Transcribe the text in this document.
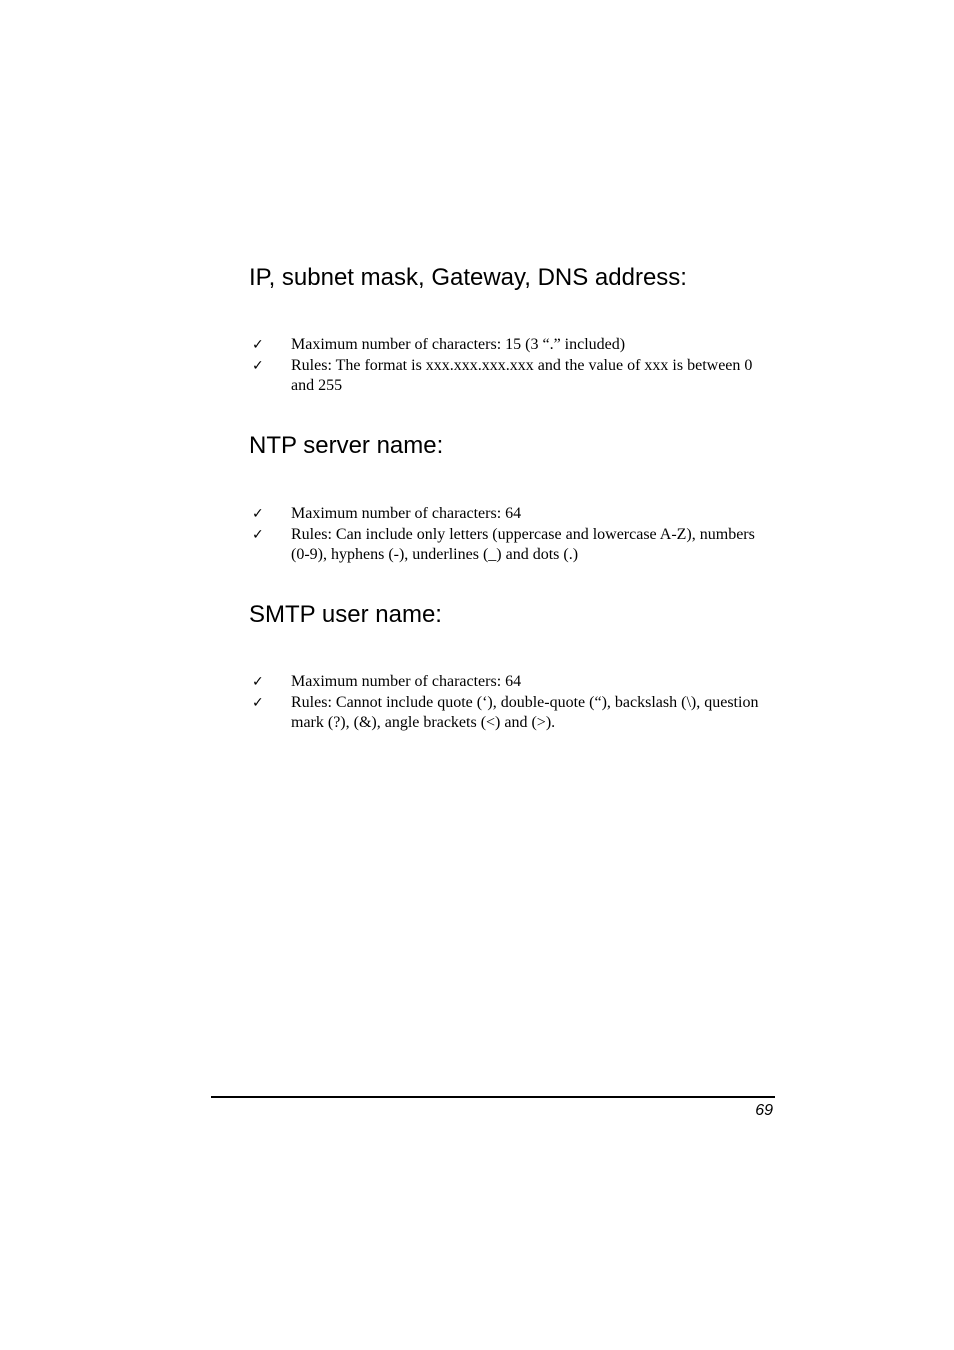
IP, subnet mask, Gateway, DNS address:
✓ Maximum number of characters: 15 (3 “.” included)
✓ Rules: The format is xxx.xxx.xxx.xxx and the value of xxx is between 0 and 255
NTP server name:
✓ Maximum number of characters: 64
✓ Rules: Can include only letters (uppercase and lowercase A-Z), numbers (0-9), hyphens (-), underlines (_) and dots (.)
SMTP user name:
✓ Maximum number of characters: 64
✓ Rules: Cannot include quote (‘), double-quote (“), backslash (\), question mark (?), (&), angle brackets (<) and (>).
69
